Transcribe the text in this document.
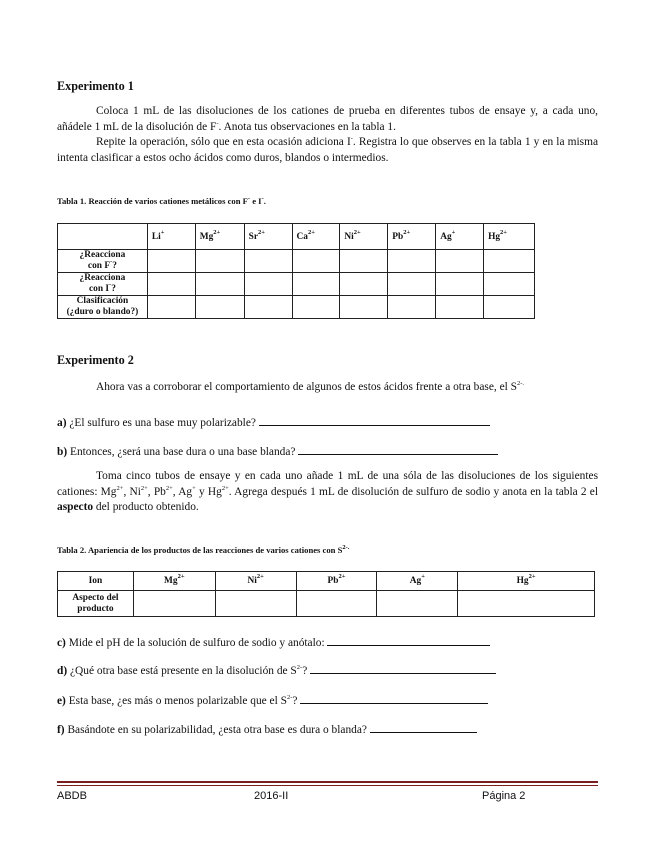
Experimento 1
Coloca 1 mL de las disoluciones de los cationes de prueba en diferentes tubos de ensaye y, a cada uno, añádele 1 mL de la disolución de F-. Anota tus observaciones en la tabla 1.
Repite la operación, sólo que en esta ocasión adiciona I-. Registra lo que observes en la tabla 1 y en la misma intenta clasificar a estos ocho ácidos como duros, blandos o intermedios.
Tabla 1. Reacción de varios cationes metálicos con F- e I-.
	Li+	$Mg^{2+}$	$Sr^{2+}$	$Ca^{2+}$	$Ni^{2+}$	$Pb^{2+}$	Ag+	$Hg^{2+}$
¿Reacciona
con F-?								
¿Reacciona
con I-?								
Clasificación
(¿duro o blando?)								
Experimento 2
Ahora vas a corroborar el comportamiento de algunos de estos ácidos frente a otra base, el $S^{2-.}$
a) ¿El sulfuro es una base muy polarizable?
b) Entonces, ¿será una base dura o una base blanda?
Toma cinco tubos de ensaye y en cada uno añade 1 mL de una sóla de las disoluciones de los siguientes cationes: $Mg^{2+}$, $Ni^{2+}$, $Pb^{2+}$, Ag+ y $Hg^{2+}$. Agrega después 1 mL de disolución de sulfuro de sodio y anota en la tabla 2 el aspecto del producto obtenido.
Tabla 2. Apariencia de los productos de las reacciones de varios cationes con $S^{2-.}$
Ion	$Mg^{2+}$	$Ni^{2+}$	$Pb^{2+}$	Ag+	$Hg^{2+}$
Aspecto del
producto					
c) Mide el pH de la solución de sulfuro de sodio y anótalo:
d) ¿Qué otra base está presente en la disolución de $S^{2-}$?
e) Esta base, ¿es más o menos polarizable que el $S^{2-}$?
f) Basándote en su polarizabilidad, ¿esta otra base es dura o blanda?
ABDB	2016-II	Página 2
